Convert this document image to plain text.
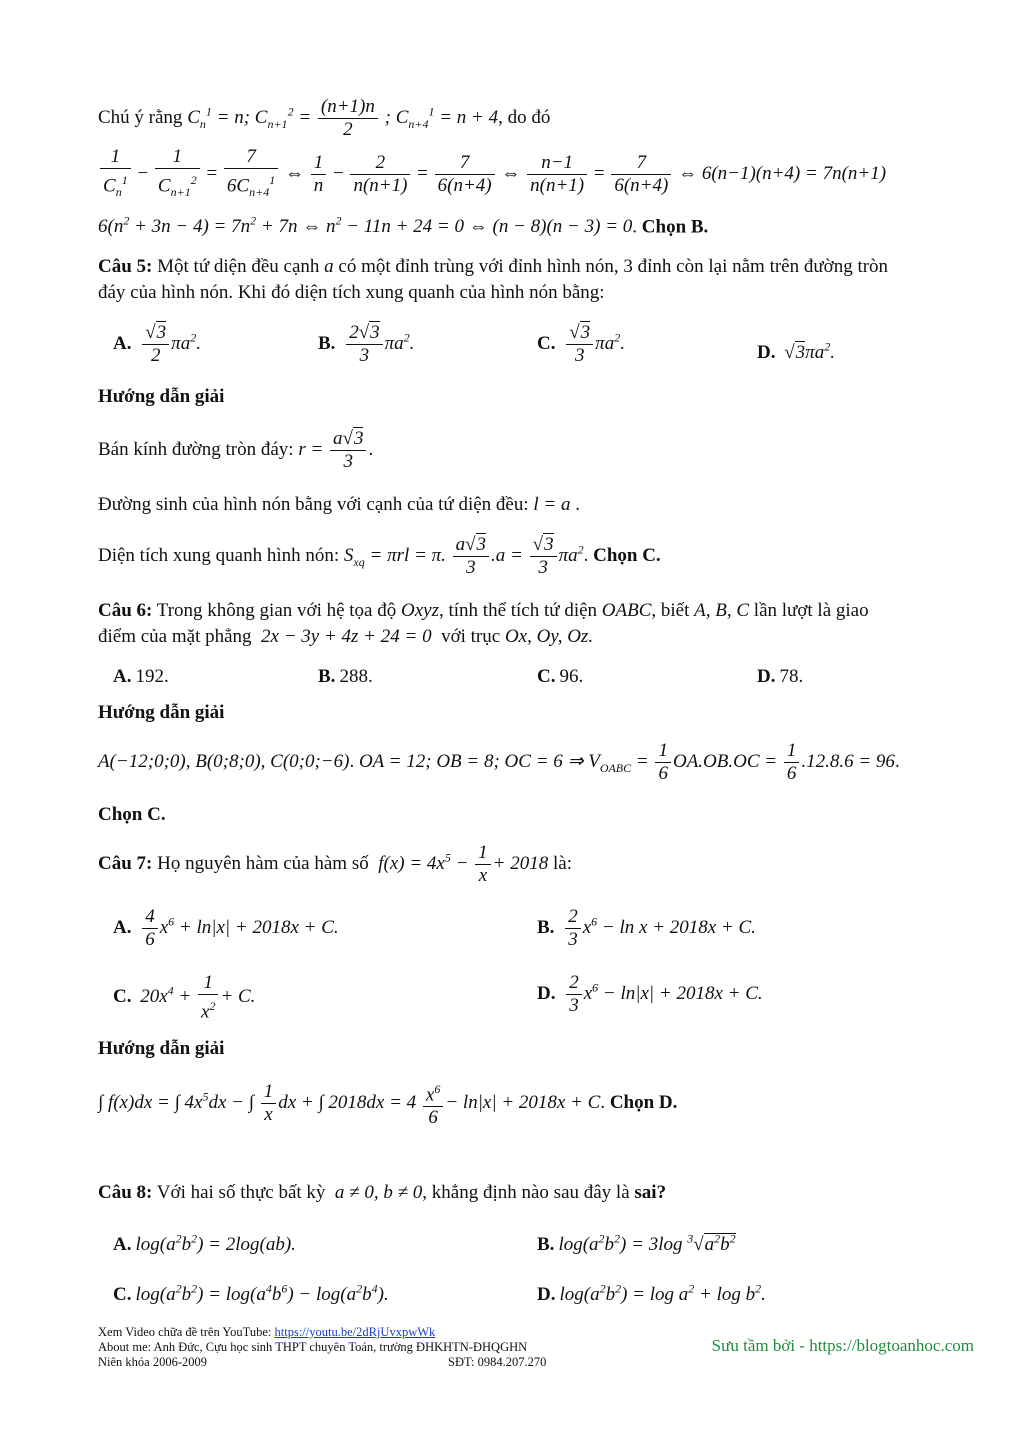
Chú ý rằng $C_n^1 = n$; $C_{n+1}^2 = \frac{(n+1)n}{2}$ ; $C_{n+4}^1 = n + 4$, do đó
$\frac{1}{C_n^1} - \frac{1}{C_{n+1}^2} = \frac{7}{6C_{n+4}^1}$ ⇔ $\frac{1}{n} - \frac{2}{n(n+1)} = \frac{7}{6(n+4)}$ ⇔ $\frac{n-1}{n(n+1)} = \frac{7}{6(n+4)}$ ⇔ 6(n−1)(n+4) = 7n(n+1)
$6(n^2 + 3n - 4) = 7n^2 + 7n$ ⇔ $n^2 - 11n + 24 = 0$ ⇔ (n − 8)(n − 3) = 0. Chọn B.
Câu 5: Một tứ diện đều cạnh a có một đỉnh trùng với đỉnh hình nón, 3 đỉnh còn lại nằm trên đường tròn
đáy của hình nón. Khi đó diện tích xung quanh của hình nón bằng:
A. $\frac{√3}{2} \pi a^2$.	B. $\frac{2√3}{3} \pi a^2$.	C. $\frac{√3}{3} \pi a^2$.	D. $√3\pi a^2$.
Hướng dẫn giải
Bán kính đường tròn đáy: $r = \frac{a√3}{3}$ .
Đường sinh của hình nón bằng với cạnh của tứ diện đều: l = a .
Diện tích xung quanh hình nón: $S_{xq} = \pi rl = \pi$. $\frac{a√3}{3} .a = \frac{√3}{3} \pi a^2$. Chọn C.
Câu 6: Trong không gian với hệ tọa độ Oxyz, tính thể tích tứ diện OABC, biết A, B, C lần lượt là giao
điểm của mặt phẳng  2x − 3y + 4z + 24 = 0  với trục Ox, Oy, Oz.
A. 192.	B. 288.	C. 96.	D. 78.
Hướng dẫn giải
A(−12;0;0), B(0;8;0), C(0;0;−6). OA = 12; OB = 8; OC = 6 ⇒ $V_{OABC} = \frac{1}{6} OA.OB.OC = \frac{1}{6} .12.8.6 = 96$.
Chọn C.
Câu 7: Họ nguyên hàm của hàm số  $f(x) = 4x^5 - \frac{1}{x} + 2018$ là:
A. $\frac{4}{6} x^6 + \ln|x| + 2018x + C$.	B. $\frac{2}{3} x^6 - \ln x + 2018x + C$.
C. $20x^4 + \frac{1}{x^2} + C$.	D. $\frac{2}{3} x^6 - \ln|x| + 2018x + C$.
Hướng dẫn giải
∫ f(x)dx = ∫ $4x^5dx$ − ∫ $\frac{1}{x}$ dx + ∫ $2018dx = 4 \frac{x^6}{6} - \ln|x| + 2018x + C$. Chọn D.
Câu 8: Với hai số thực bất kỳ  a ≠ 0, b ≠ 0, khẳng định nào sau đây là sai?
A. $\log(a^2b^2) = 2\log(ab)$.	B. $\log(a^2b^2) = 3\log$ $^3√a^2b^2$
C. $\log(a^2b^2) = \log(a^4b^6) - \log(a^2b^4)$.	D. $\log(a^2b^2) = \log a^2 + \log b^2$.
Xem Video chữa đề trên YouTube: https://youtu.be/2dRjUvxpwWk
About me: Anh Đức, Cựu học sinh THPT chuyên Toán, trường ĐHKHTN-ĐHQGHN
Niên khóa 2006-2009	SĐT: 0984.207.270
Sưu tầm bởi - https://blogtoanhoc.com
